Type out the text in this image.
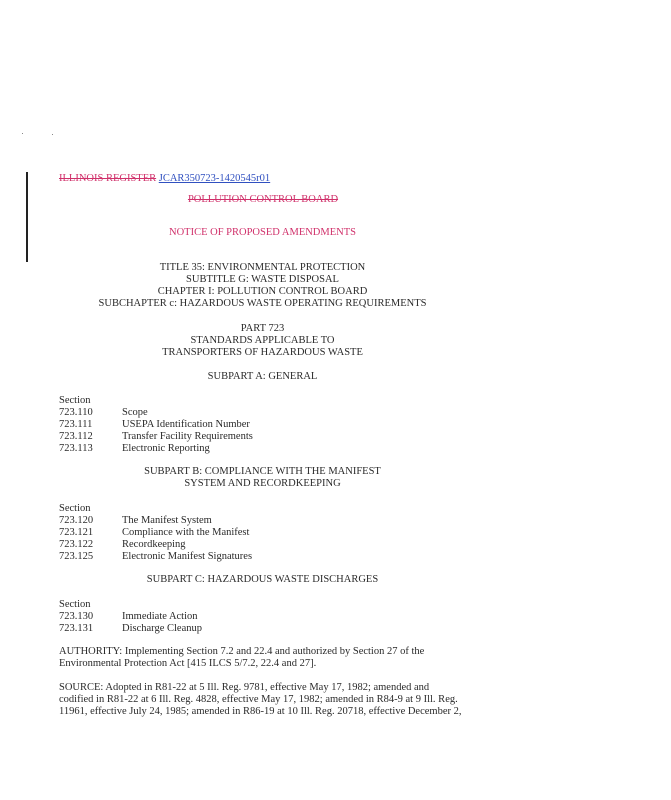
ILLINOIS REGISTER JCAR350723-1420545r01
POLLUTION CONTROL BOARD
NOTICE OF PROPOSED AMENDMENTS
TITLE 35: ENVIRONMENTAL PROTECTION
SUBTITLE G: WASTE DISPOSAL
CHAPTER I: POLLUTION CONTROL BOARD
SUBCHAPTER c: HAZARDOUS WASTE OPERATING REQUIREMENTS
PART 723
STANDARDS APPLICABLE TO
TRANSPORTERS OF HAZARDOUS WASTE
SUBPART A: GENERAL
Section
723.110	Scope
723.111	USEPA Identification Number
723.112	Transfer Facility Requirements
723.113	Electronic Reporting
SUBPART B: COMPLIANCE WITH THE MANIFEST
SYSTEM AND RECORDKEEPING
Section
723.120	The Manifest System
723.121	Compliance with the Manifest
723.122	Recordkeeping
723.125	Electronic Manifest Signatures
SUBPART C: HAZARDOUS WASTE DISCHARGES
Section
723.130	Immediate Action
723.131	Discharge Cleanup
AUTHORITY: Implementing Section 7.2 and 22.4 and authorized by Section 27 of the
Environmental Protection Act [415 ILCS 5/7.2, 22.4 and 27].
SOURCE: Adopted in R81-22 at 5 Ill. Reg. 9781, effective May 17, 1982; amended and
codified in R81-22 at 6 Ill. Reg. 4828, effective May 17, 1982; amended in R84-9 at 9 Ill. Reg.
11961, effective July 24, 1985; amended in R86-19 at 10 Ill. Reg. 20718, effective December 2,
